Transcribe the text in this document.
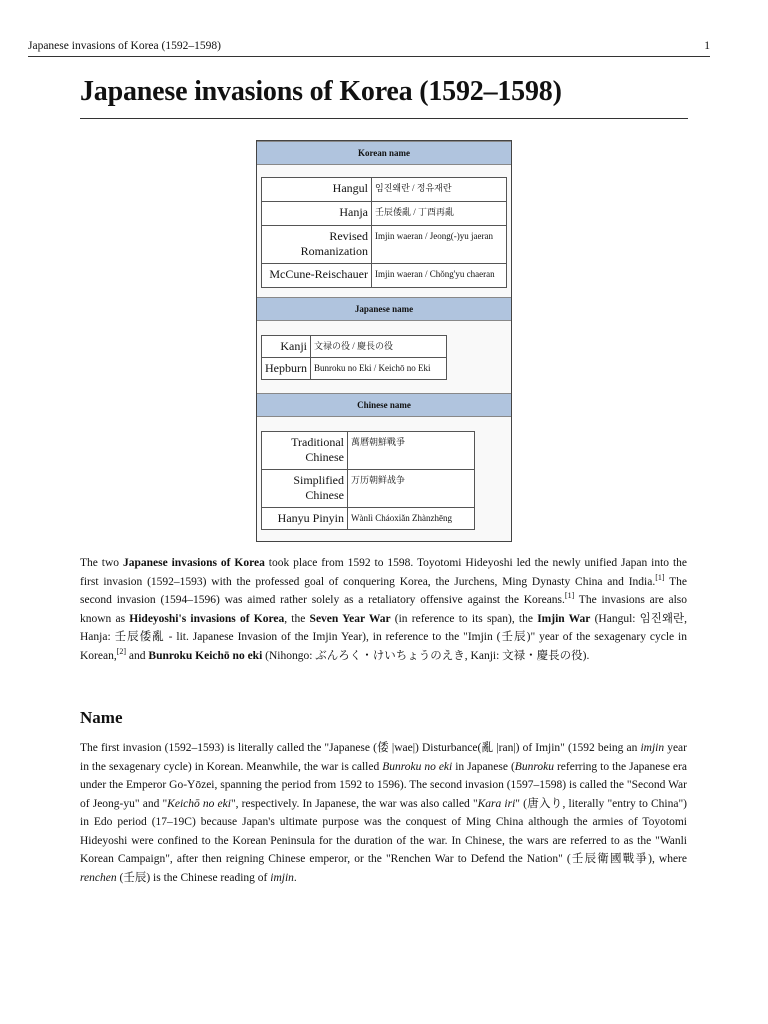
Japanese invasions of Korea (1592–1598)	1
Japanese invasions of Korea (1592–1598)
Korean name
Hangul	임진왜란 / 정유재란
Hanja	壬辰倭亂 / 丁酉再亂
Revised Romanization	Imjin waeran / Jeong(-)yu jaeran
McCune-Reischauer	Imjin waeran / Chŏng'yu chaeran
Japanese name
Kanji	文禄の役 / 慶長の役
Hepburn	Bunroku no Eki / Keichō no Eki
Chinese name
Traditional Chinese	萬曆朝鮮戰爭
Simplified Chinese	万历朝鲜战争
Hanyu Pinyin	Wànlì Cháoxiǎn Zhànzhēng

The two Japanese invasions of Korea took place from 1592 to 1598. Toyotomi Hideyoshi led the newly unified Japan into the first invasion (1592–1593) with the professed goal of conquering Korea, the Jurchens, Ming Dynasty China and India.[1] The second invasion (1594–1596) was aimed rather solely as a retaliatory offensive against the Koreans.[1] The invasions are also known as Hideyoshi's invasions of Korea, the Seven Year War (in reference to its span), the Imjin War (Hangul: 임진왜란, Hanja: 壬辰倭亂 - lit. Japanese Invasion of the Imjin Year), in reference to the "Imjin (壬辰)" year of the sexagenary cycle in Korean,[2] and Bunroku Keichō no eki (Nihongo: ぶんろく・けいちょうのえき, Kanji: 文禄・慶長の役).

Name

The first invasion (1592–1593) is literally called the "Japanese (倭 |wae|) Disturbance(亂 |ran|) of Imjin" (1592 being an imjin year in the sexagenary cycle) in Korean. Meanwhile, the war is called Bunroku no eki in Japanese (Bunroku referring to the Japanese era under the Emperor Go-Yōzei, spanning the period from 1592 to 1596). The second invasion (1597–1598) is called the "Second War of Jeong-yu" and "Keichō no eki", respectively. In Japanese, the war was also called "Kara iri" (唐入り, literally "entry to China") in Edo period (17–19C) because Japan's ultimate purpose was the conquest of Ming China although the armies of Toyotomi Hideyoshi were confined to the Korean Peninsula for the duration of the war. In Chinese, the wars are referred to as the "Wanli Korean Campaign", after then reigning Chinese emperor, or the "Renchen War to Defend the Nation" (壬辰衛國戰爭), where renchen (壬辰) is the Chinese reading of imjin.
